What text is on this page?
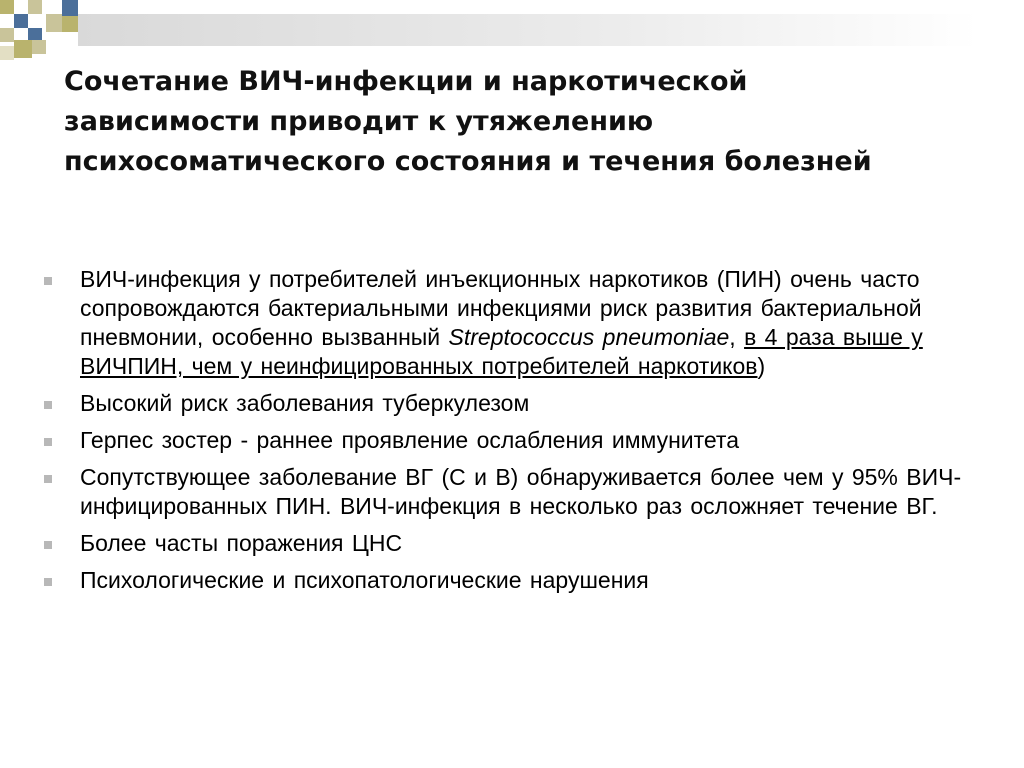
Сочетание ВИЧ-инфекции и наркотической зависимости приводит к утяжелению психосоматического состояния и течения болезней
ВИЧ-инфекция у потребителей инъекционных наркотиков (ПИН) очень часто сопровождаются бактериальными инфекциями риск развития бактериальной пневмонии, особенно вызванный Streptococcus pneumoniae, в 4 раза выше у ВИЧПИН, чем у неинфицированных потребителей наркотиков)
Высокий риск заболевания туберкулезом
Герпес зостер - раннее проявление ослабления иммунитета
Сопутствующее заболевание ВГ (С и В) обнаруживается более чем у 95% ВИЧ-инфицированных ПИН. ВИЧ-инфекция в несколько раз осложняет течение ВГ.
Более часты поражения ЦНС
Психологические и психопатологические нарушения
